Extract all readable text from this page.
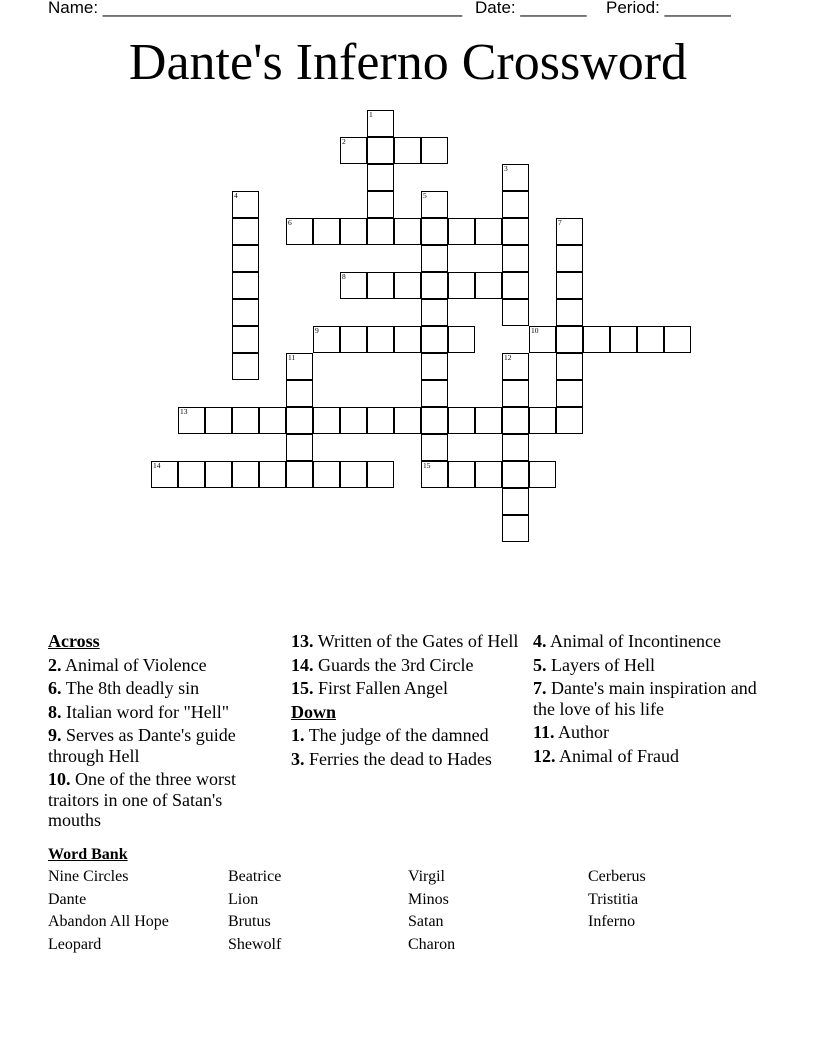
Name: ______________________________________ Date: _______ Period: _______
Dante's Inferno Crossword
1
2
3
4	5
6	7
8
9	10
11	12
13
14	15
Across
2. Animal of Violence
6. The 8th deadly sin
8. Italian word for "Hell"
9. Serves as Dante's guide through Hell
10. One of the three worst traitors in one of Satan's mouths
13. Written of the Gates of Hell
14. Guards the 3rd Circle
15. First Fallen Angel
Down
1. The judge of the damned
3. Ferries the dead to Hades
4. Animal of Incontinence
5. Layers of Hell
7. Dante's main inspiration and the love of his life
11. Author
12. Animal of Fraud
Word Bank
Nine Circles
Dante
Abandon All Hope
Leopard
Beatrice
Lion
Brutus
Shewolf
Virgil
Minos
Satan
Charon
Cerberus
Tristitia
Inferno
